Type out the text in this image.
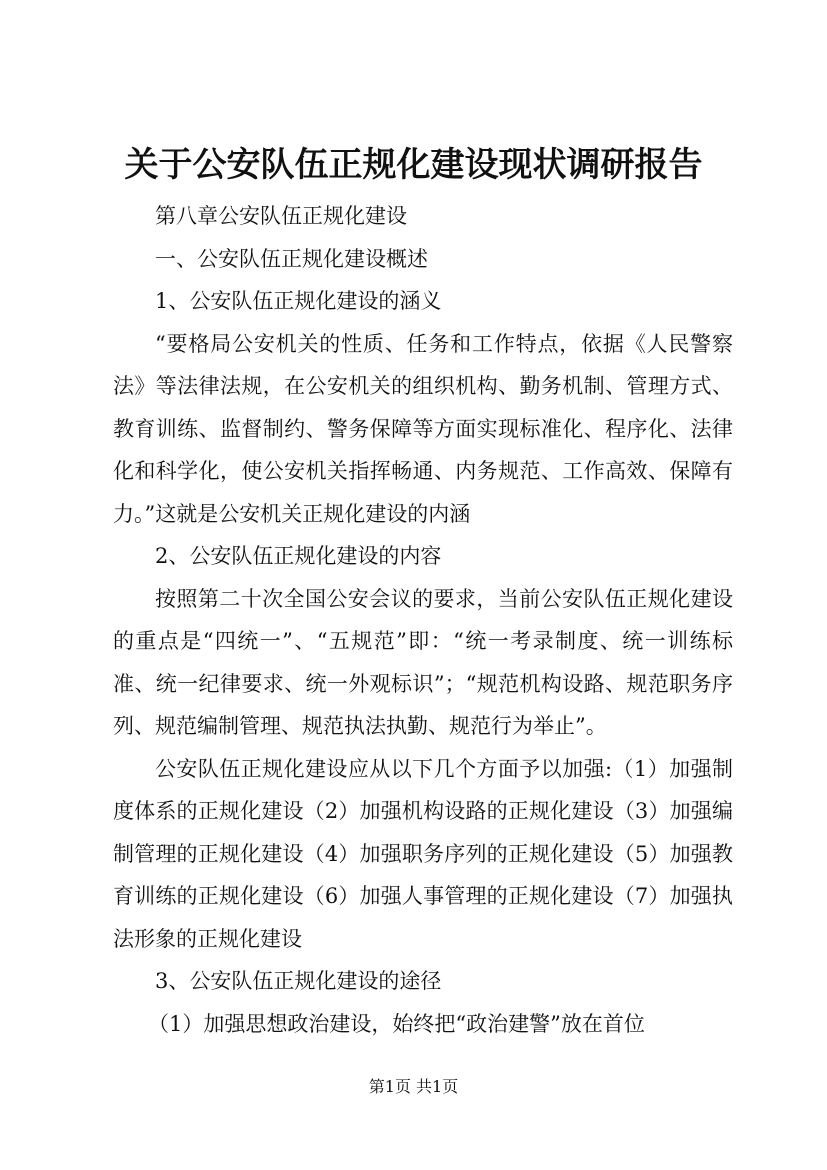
关于公安队伍正规化建设现状调研报告

第八章公安队伍正规化建设

一、公安队伍正规化建设概述

1、公安队伍正规化建设的涵义

“要格局公安机关的性质、任务和工作特点，依据《人民警察法》等法律法规，在公安机关的组织机构、勤务机制、管理方式、教育训练、监督制约、警务保障等方面实现标准化、程序化、法律化和科学化，使公安机关指挥畅通、内务规范、工作高效、保障有力。”这就是公安机关正规化建设的内涵

2、公安队伍正规化建设的内容

按照第二十次全国公安会议的要求，当前公安队伍正规化建设的重点是“四统一”、“五规范”即：“统一考录制度、统一训练标准、统一纪律要求、统一外观标识”；“规范机构设路、规范职务序列、规范编制管理、规范执法执勤、规范行为举止”。

公安队伍正规化建设应从以下几个方面予以加强:（1）加强制度体系的正规化建设（2）加强机构设路的正规化建设（3）加强编制管理的正规化建设（4）加强职务序列的正规化建设（5）加强教育训练的正规化建设（6）加强人事管理的正规化建设（7）加强执法形象的正规化建设

3、公安队伍正规化建设的途径

（1）加强思想政治建设，始终把“政治建警”放在首位

第1页 共1页
